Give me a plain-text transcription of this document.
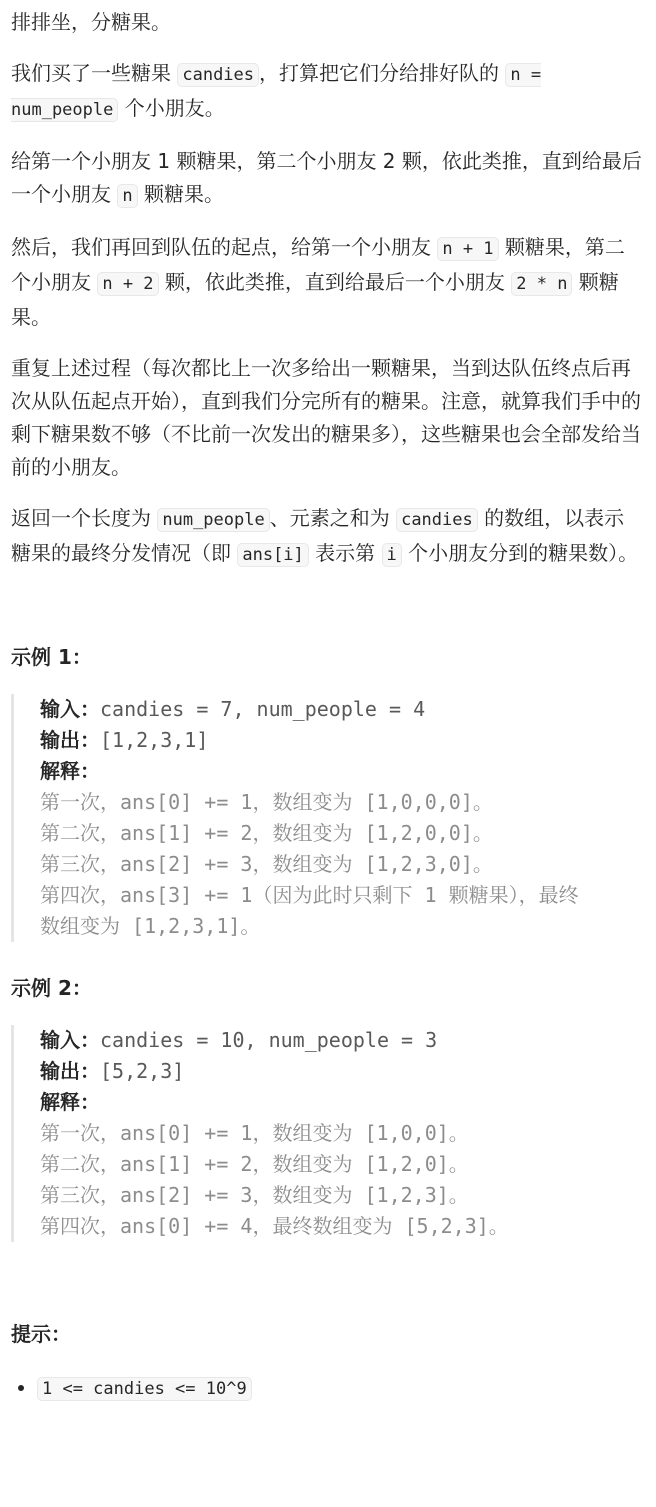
排排坐，分糖果。

我们买了一些糖果 candies ，打算把它们分给排好队的 n = num_people 个小朋友。

给第一个小朋友 1 颗糖果，第二个小朋友 2 颗，依此类推，直到给最后一个小朋友 n 颗糖果。

然后，我们再回到队伍的起点，给第一个小朋友 n + 1 颗糖果，第二个小朋友 n + 2 颗，依此类推，直到给最后一个小朋友 2 * n 颗糖果。

重复上述过程（每次都比上一次多给出一颗糖果，当到达队伍终点后再次从队伍起点开始），直到我们分完所有的糖果。注意，就算我们手中的剩下糖果数不够（不比前一次发出的糖果多），这些糖果也会全部发给当前的小朋友。

返回一个长度为 num_people 、元素之和为 candies 的数组，以表示糖果的最终分发情况（即 ans[i] 表示第 i 个小朋友分到的糖果数）。

示例 1：
输入：candies = 7, num_people = 4
输出：[1,2,3,1]
解释：
第一次，ans[0] += 1，数组变为 [1,0,0,0]。
第二次，ans[1] += 2，数组变为 [1,2,0,0]。
第三次，ans[2] += 3，数组变为 [1,2,3,0]。
第四次，ans[3] += 1（因为此时只剩下 1 颗糖果），最终
数组变为 [1,2,3,1]。
示例 2：
输入：candies = 10, num_people = 3
输出：[5,2,3]
解释：
第一次，ans[0] += 1，数组变为 [1,0,0]。
第二次，ans[1] += 2，数组变为 [1,2,0]。
第三次，ans[2] += 3，数组变为 [1,2,3]。
第四次，ans[0] += 4，最终数组变为 [5,2,3]。
提示：
• 1 <= candies <= 10^9
